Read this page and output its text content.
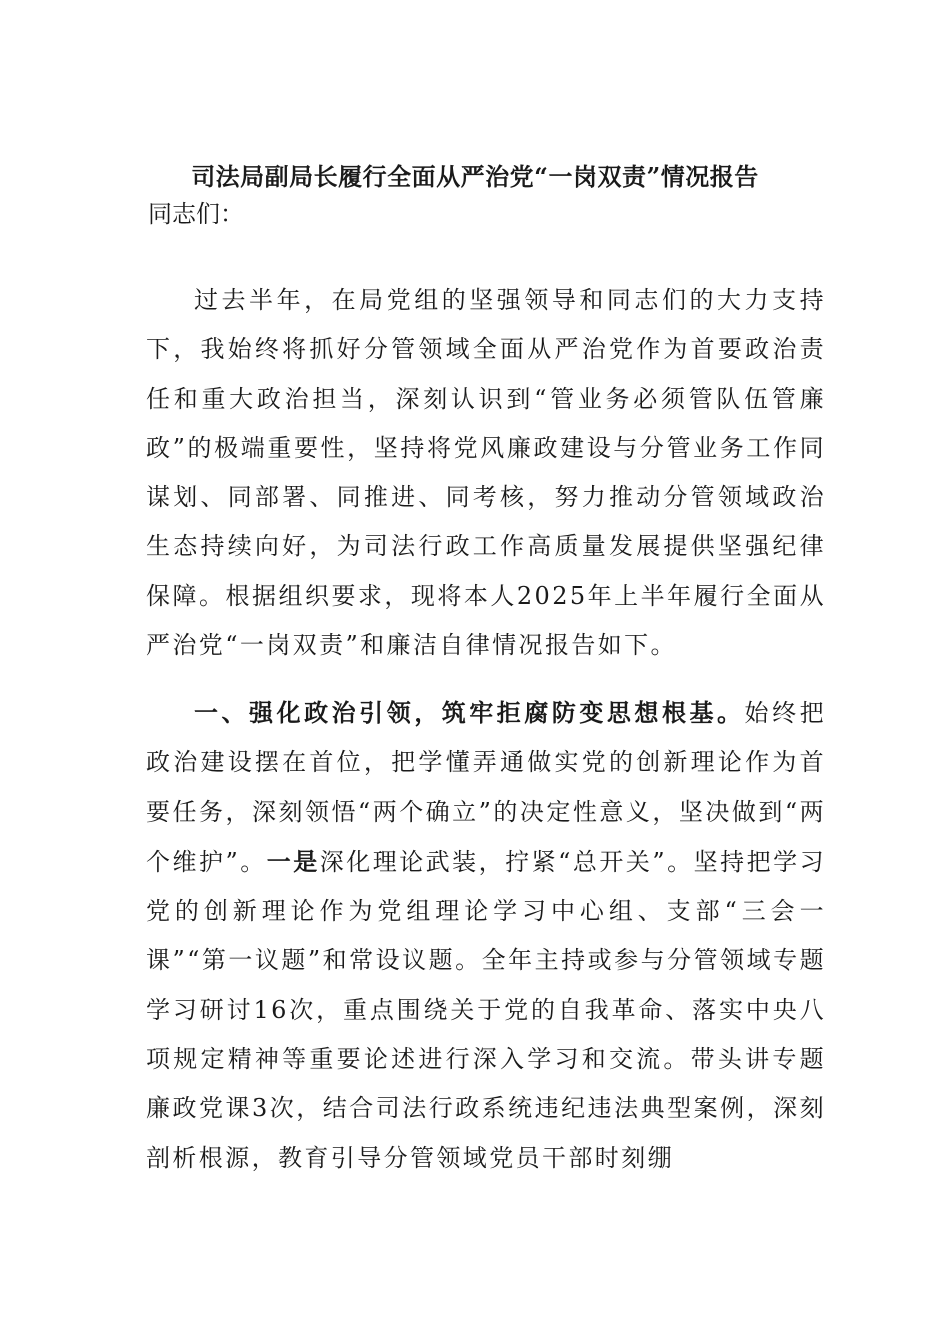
司法局副局长履行全面从严治党“一岗双责”情况报告

同志们：

过去半年，在局党组的坚强领导和同志们的大力支持下，我始终将抓好分管领域全面从严治党作为首要政治责任和重大政治担当，深刻认识到“管业务必须管队伍管廉政”的极端重要性，坚持将党风廉政建设与分管业务工作同谋划、同部署、同推进、同考核，努力推动分管领域政治生态持续向好，为司法行政工作高质量发展提供坚强纪律保障。根据组织要求，现将本人2025年上半年履行全面从严治党“一岗双责”和廉洁自律情况报告如下。

一、强化政治引领，筑牢拒腐防变思想根基。始终把政治建设摆在首位，把学懂弄通做实党的创新理论作为首要任务，深刻领悟“两个确立”的决定性意义，坚决做到“两个维护”。一是深化理论武装，拧紧“总开关”。坚持把学习党的创新理论作为党组理论学习中心组、支部“三会一课”“第一议题”和常设议题。全年主持或参与分管领域专题学习研讨16次，重点围绕关于党的自我革命、落实中央八项规定精神等重要论述进行深入学习和交流。带头讲专题廉政党课3次，结合司法行政系统违纪违法典型案例，深刻剖析根源，教育引导分管领域党员干部时刻绷
